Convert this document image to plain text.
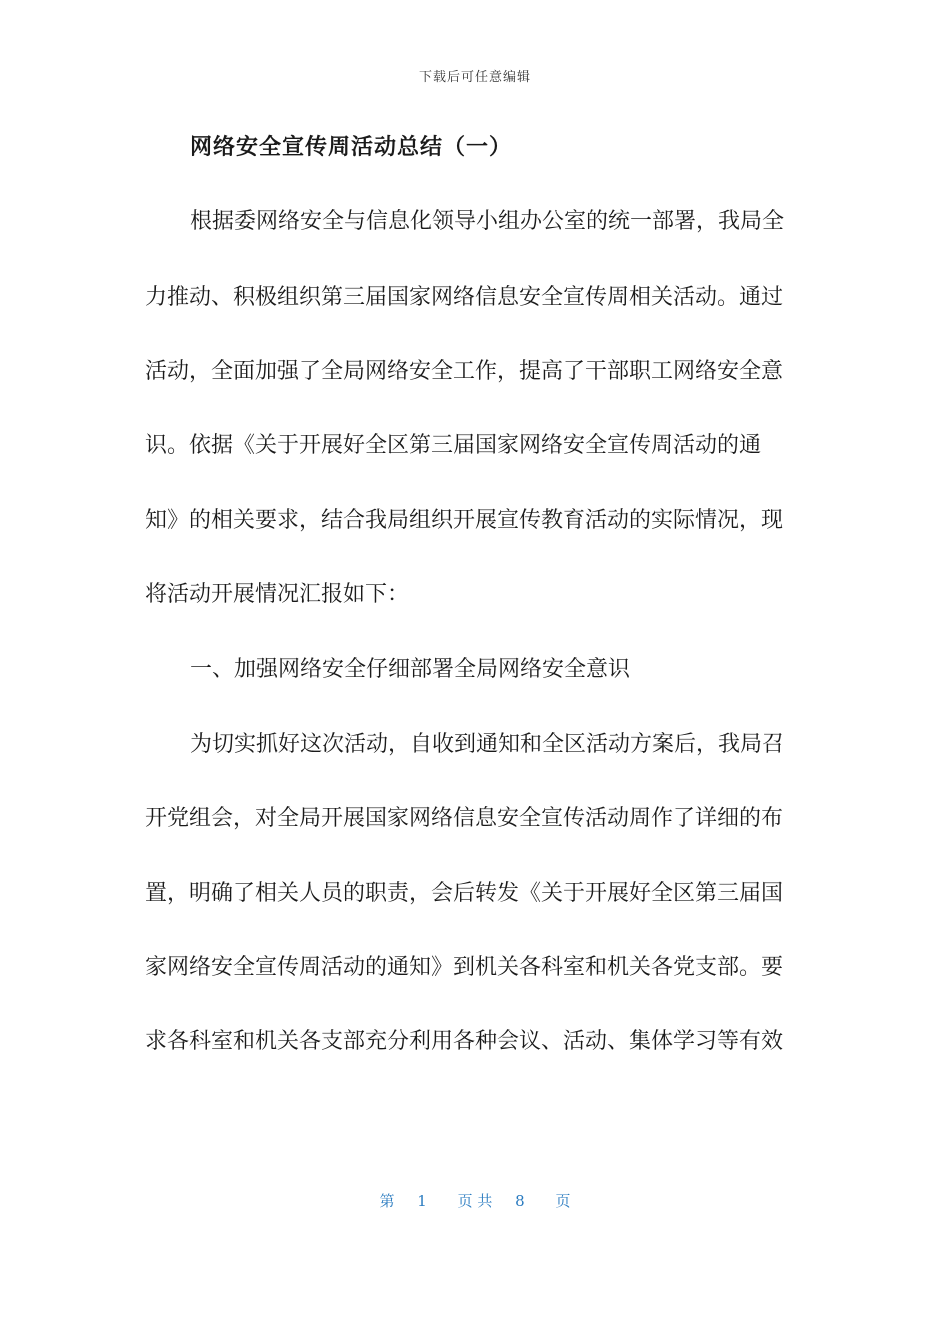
下载后可任意编辑
网络安全宣传周活动总结（一）
根据委网络安全与信息化领导小组办公室的统一部署，我局全
力推动、积极组织第三届国家网络信息安全宣传周相关活动。通过
活动，全面加强了全局网络安全工作，提高了干部职工网络安全意
识。依据《关于开展好全区第三届国家网络安全宣传周活动的通
知》的相关要求，结合我局组织开展宣传教育活动的实际情况，现
将活动开展情况汇报如下：
一、加强网络安全仔细部署全局网络安全意识
为切实抓好这次活动，自收到通知和全区活动方案后，我局召
开党组会，对全局开展国家网络信息安全宣传活动周作了详细的布
置，明确了相关人员的职责，会后转发《关于开展好全区第三届国
家网络安全宣传周活动的通知》到机关各科室和机关各党支部。要
求各科室和机关各支部充分利用各种会议、活动、集体学习等有效
第 1 页 共 8 页
